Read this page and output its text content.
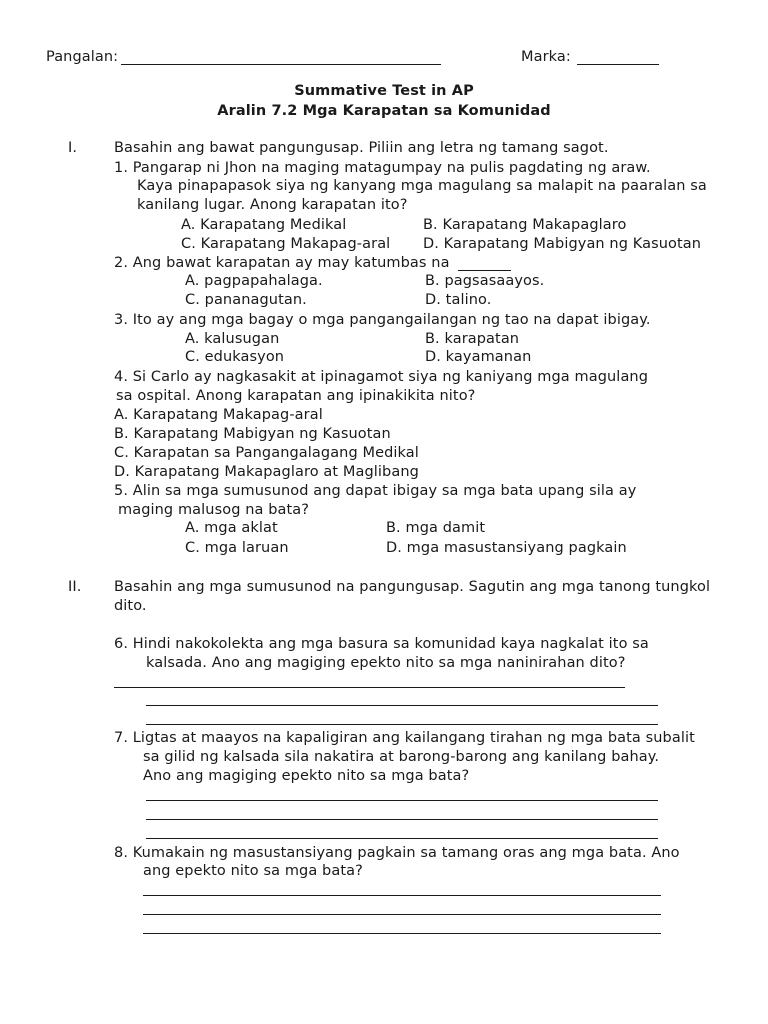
Pangalan:	Marka:
Summative Test in AP
Aralin 7.2 Mga Karapatan sa Komunidad
I.	Basahin ang bawat pangungusap. Piliin ang letra ng tamang sagot.
1. Pangarap ni Jhon na maging matagumpay na pulis pagdating ng araw.
Kaya pinapapasok siya ng kanyang mga magulang sa malapit na paaralan sa
kanilang lugar. Anong karapatan ito?
A. Karapatang Medikal	B. Karapatang Makapaglaro
C. Karapatang Makapag-aral D. Karapatang Mabigyan ng Kasuotan
2. Ang bawat karapatan ay may katumbas na
A. pagpapahalaga.	B. pagsasaayos.
C. pananagutan.	D. talino.
3. Ito ay ang mga bagay o mga pangangailangan ng tao na dapat ibigay.
A. kalusugan	B. karapatan
C. edukasyon	D. kayamanan
4. Si Carlo ay nagkasakit at ipinagamot siya ng kaniyang mga magulang
sa ospital. Anong karapatan ang ipinakikita nito?
A. Karapatang Makapag-aral
B. Karapatang Mabigyan ng Kasuotan
C. Karapatan sa Pangangalagang Medikal
D. Karapatang Makapaglaro at Maglibang
5. Alin sa mga sumusunod ang dapat ibigay sa mga bata upang sila ay
maging malusog na bata?
A. mga aklat	B. mga damit
C. mga laruan	D. mga masustansiyang pagkain
II. Basahin ang mga sumusunod na pangungusap. Sagutin ang mga tanong tungkol
dito.
6. Hindi nakokolekta ang mga basura sa komunidad kaya nagkalat ito sa
kalsada. Ano ang magiging epekto nito sa mga naninirahan dito?
7. Ligtas at maayos na kapaligiran ang kailangang tirahan ng mga bata subalit
sa gilid ng kalsada sila nakatira at barong-barong ang kanilang bahay.
Ano ang magiging epekto nito sa mga bata?
8. Kumakain ng masustansiyang pagkain sa tamang oras ang mga bata. Ano
ang epekto nito sa mga bata?
